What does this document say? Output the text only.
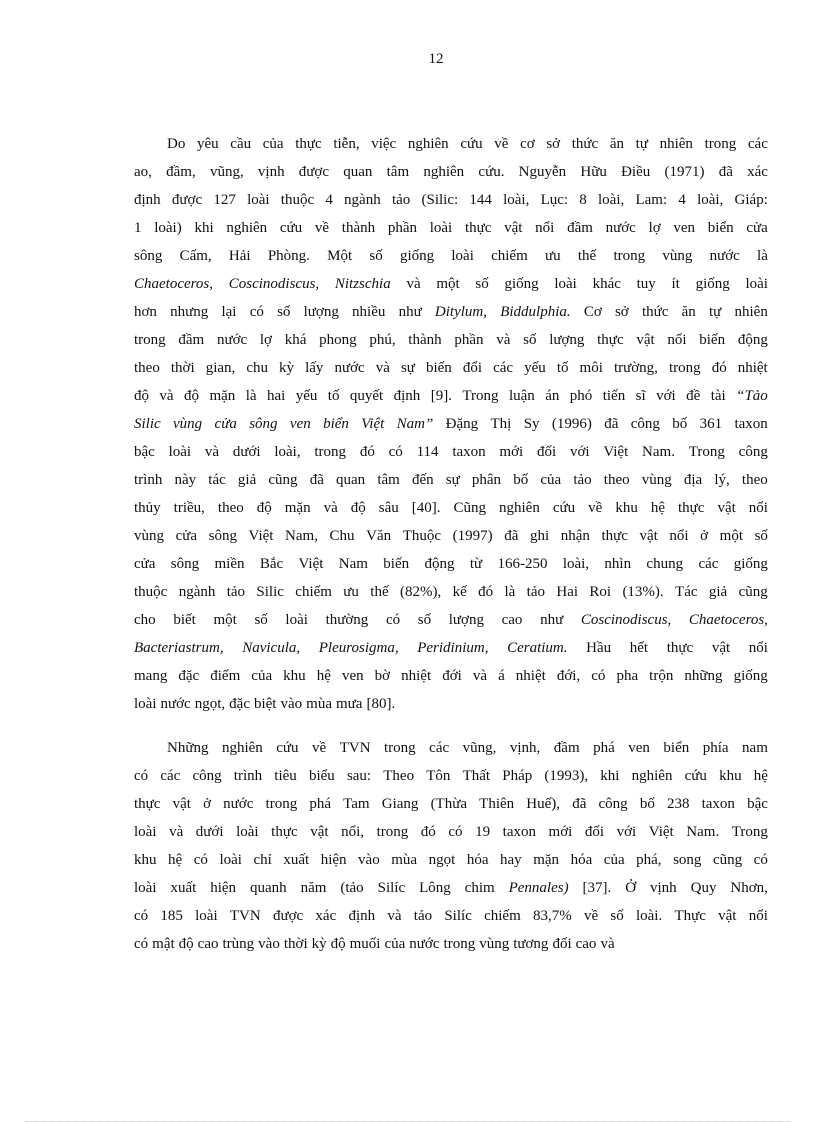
12
Do yêu cầu của thực tiễn, việc nghiên cứu về cơ sở thức ăn tự nhiên trong các
ao, đầm, vũng, vịnh được quan tâm nghiên cứu. Nguyễn Hữu Điều (1971) đã xác
định được 127 loài thuộc 4 ngành tảo (Silic: 144 loài, Lục: 8 loài, Lam: 4 loài, Giáp:
1 loài) khi nghiên cứu về thành phần loài thực vật nổi đầm nước lợ ven biển cửa
sông Cấm, Hải Phòng. Một số giống loài chiếm ưu thế trong vùng nước là
Chaetoceros, Coscinodiscus, Nitzschia và một số giống loài khác tuy ít giống loài
hơn nhưng lại có số lượng nhiều như Ditylum, Biddulphia. Cơ sở thức ăn tự nhiên
trong đầm nước lợ khá phong phú, thành phần và số lượng thực vật nổi biến động
theo thời gian, chu kỳ lấy nước và sự biến đổi các yếu tố môi trường, trong đó nhiệt
độ và độ mặn là hai yếu tố quyết định [9]. Trong luận án phó tiến sĩ với đề tài “Tảo
Silic vùng cửa sông ven biển Việt Nam” Đặng Thị Sy (1996) đã công bố 361 taxon
bậc loài và dưới loài, trong đó có 114 taxon mới đối với Việt Nam. Trong công
trình này tác giả cũng đã quan tâm đến sự phân bố của tảo theo vùng địa lý, theo
thủy triều, theo độ mặn và độ sâu [40]. Cũng nghiên cứu về khu hệ thực vật nổi
vùng cửa sông Việt Nam, Chu Văn Thuộc (1997) đã ghi nhận thực vật nổi ở một số
cửa sông miền Bắc Việt Nam biến động từ 166-250 loài, nhìn chung các giống
thuộc ngành tảo Silic chiếm ưu thế (82%), kế đó là tảo Hai Roi (13%). Tác giả cũng
cho biết một số loài thường có số lượng cao như Coscinodiscus, Chaetoceros,
Bacteriastrum, Navicula, Pleurosigma, Peridinium, Ceratium. Hầu hết thực vật nổi
mang đặc điểm của khu hệ ven bờ nhiệt đới và á nhiệt đới, có pha trộn những giống
loài nước ngọt, đặc biệt vào mùa mưa [80].
Những nghiên cứu về TVN trong các vũng, vịnh, đầm phá ven biển phía nam
có các công trình tiêu biểu sau: Theo Tôn Thất Pháp (1993), khi nghiên cứu khu hệ
thực vật ở nước trong phá Tam Giang (Thừa Thiên Huế), đã công bố 238 taxon bậc
loài và dưới loài thực vật nổi, trong đó có 19 taxon mới đối với Việt Nam. Trong
khu hệ có loài chỉ xuất hiện vào mùa ngọt hóa hay mặn hóa của phá, song cũng có
loài xuất hiện quanh năm (tảo Silíc Lông chim Pennales) [37]. Ở vịnh Quy Nhơn,
có 185 loài TVN được xác định và tảo Silíc chiếm 83,7% về số loài. Thực vật nổi
có mật độ cao trùng vào thời kỳ độ muối của nước trong vùng tương đối cao và
